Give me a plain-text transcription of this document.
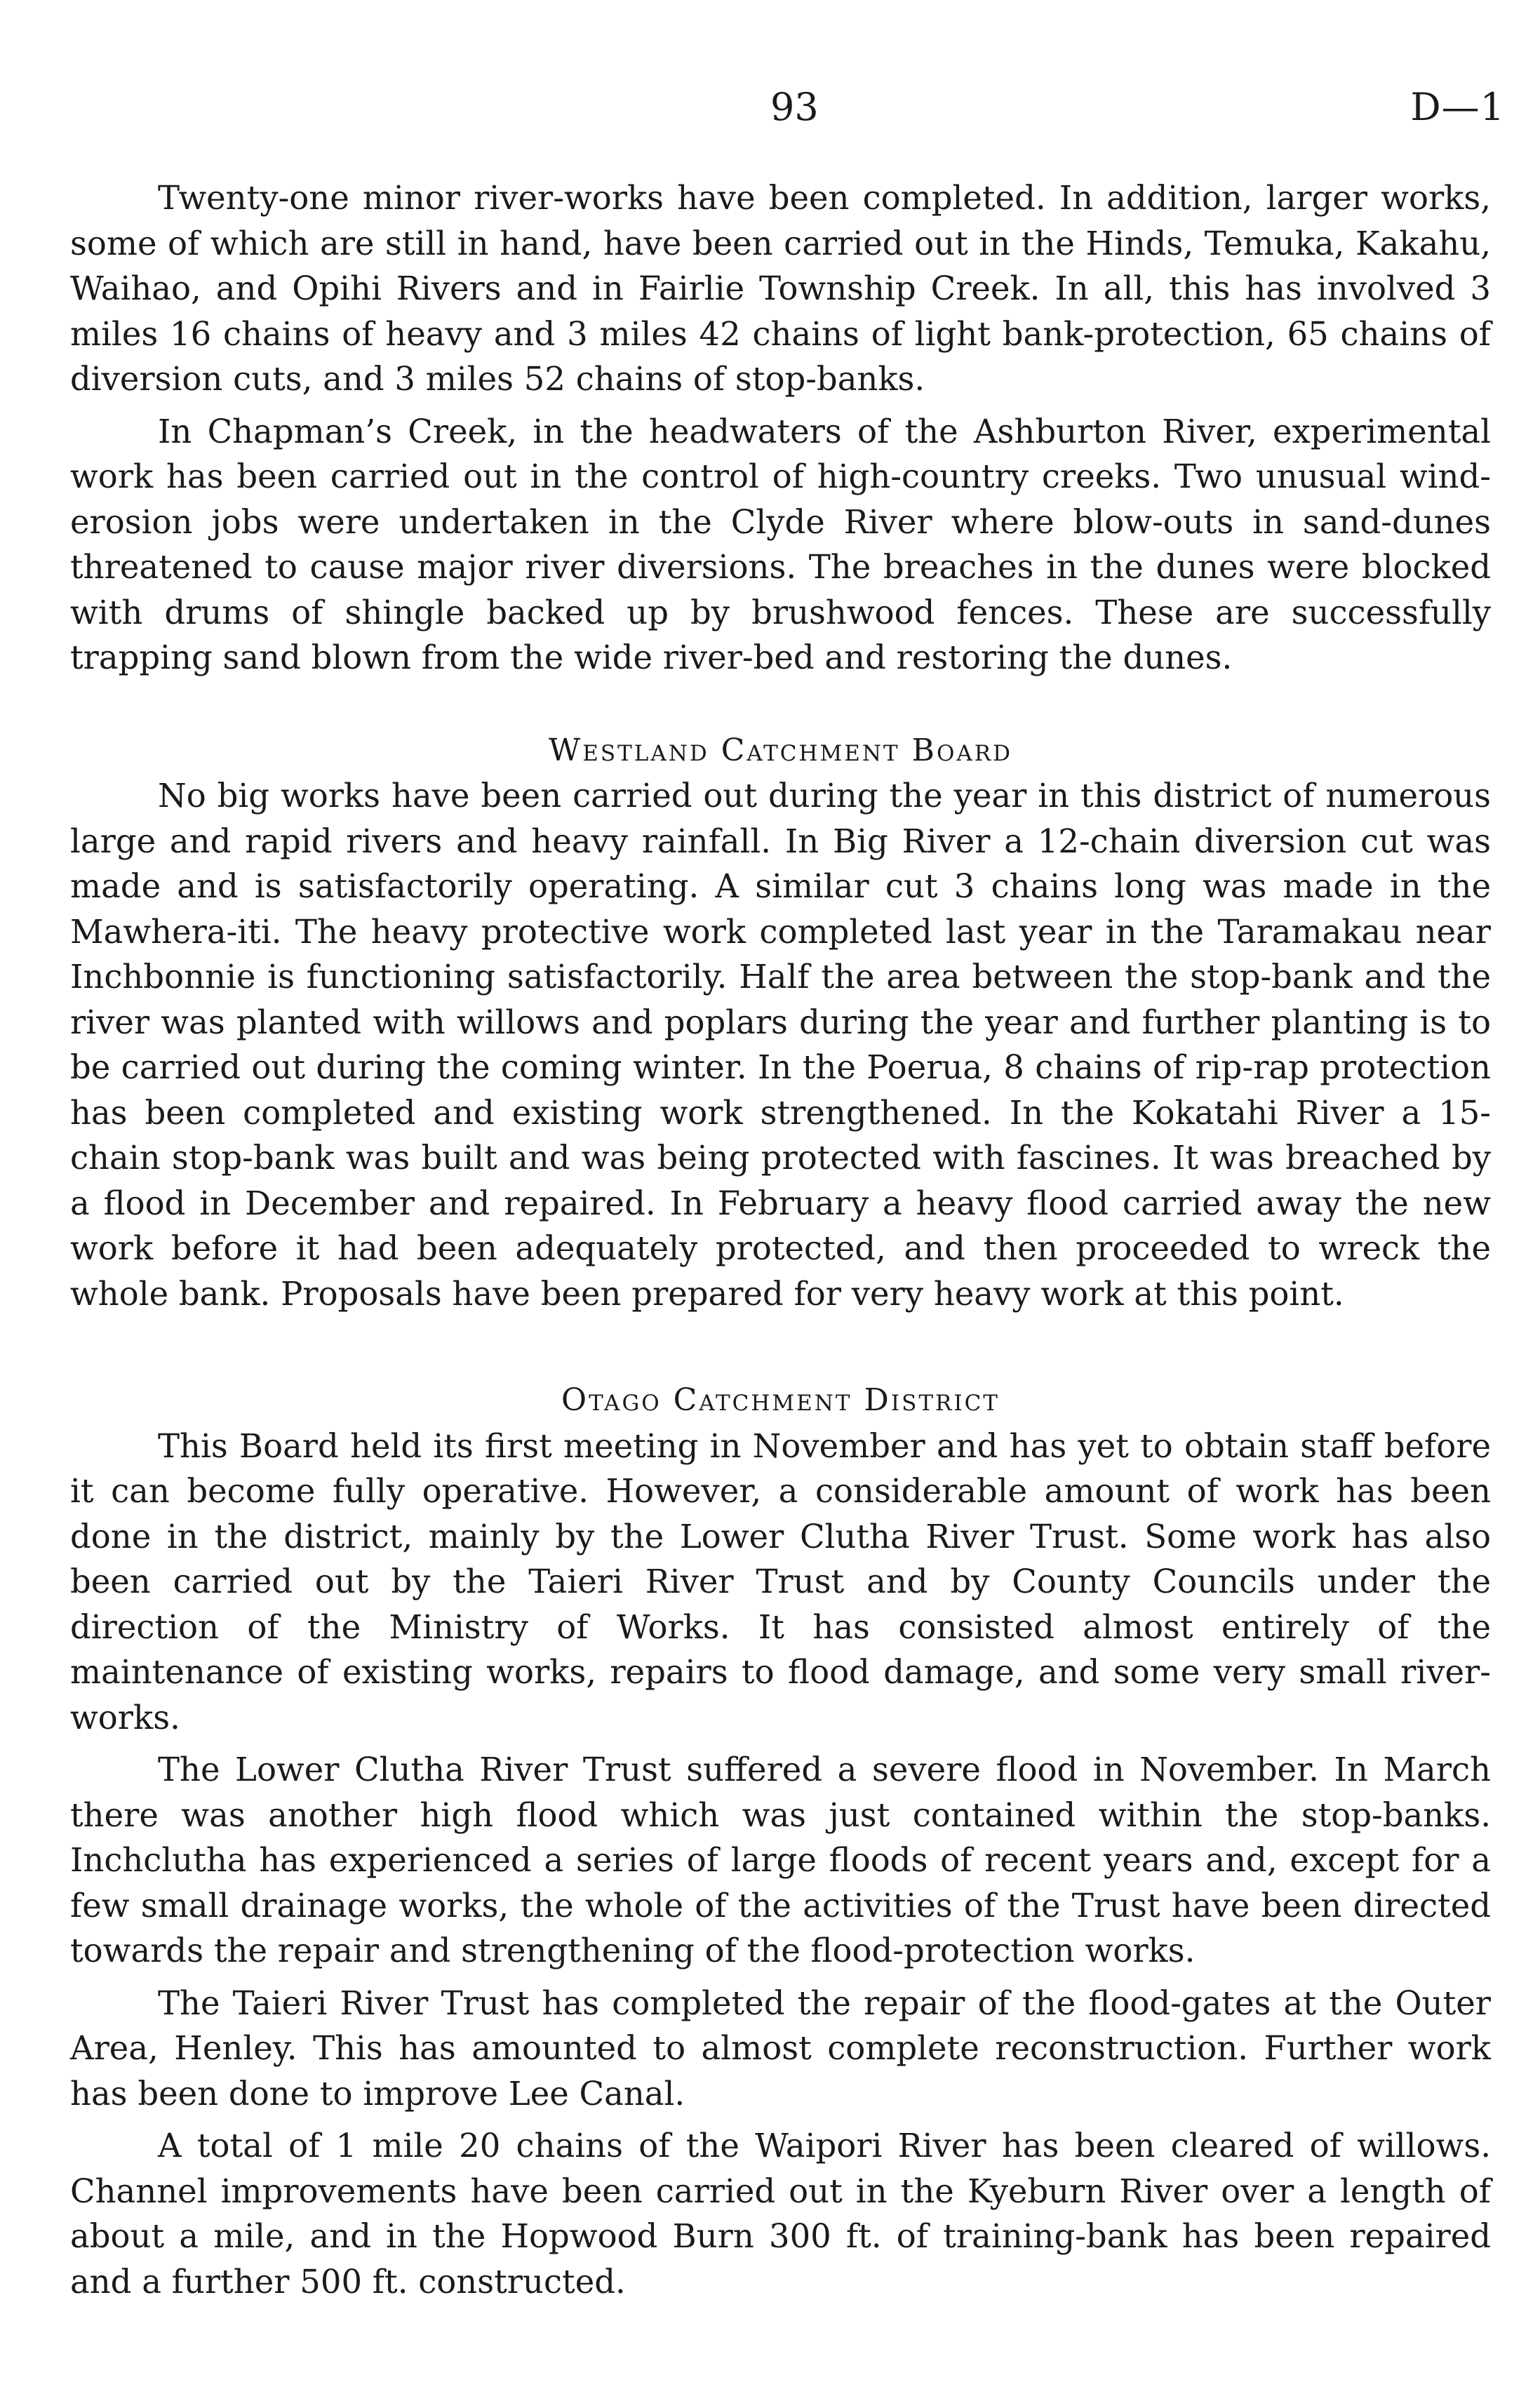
93	D—1

Twenty-one minor river-works have been completed. In addition, larger works, some of which are still in hand, have been carried out in the Hinds, Temuka, Kakahu, Waihao, and Opihi Rivers and in Fairlie Township Creek. In all, this has involved 3 miles 16 chains of heavy and 3 miles 42 chains of light bank-protection, 65 chains of diversion cuts, and 3 miles 52 chains of stop-banks.

In Chapman’s Creek, in the headwaters of the Ashburton River, experimental work has been carried out in the control of high-country creeks. Two unusual wind-erosion jobs were undertaken in the Clyde River where blow-outs in sand-dunes threatened to cause major river diversions. The breaches in the dunes were blocked with drums of shingle backed up by brushwood fences. These are successfully trapping sand blown from the wide river-bed and restoring the dunes.

Westland Catchment Board

No big works have been carried out during the year in this district of numerous large and rapid rivers and heavy rainfall. In Big River a 12-chain diversion cut was made and is satisfactorily operating. A similar cut 3 chains long was made in the Mawhera-iti. The heavy protective work completed last year in the Taramakau near Inchbonnie is functioning satisfactorily. Half the area between the stop-bank and the river was planted with willows and poplars during the year and further planting is to be carried out during the coming winter. In the Poerua, 8 chains of rip-rap protection has been completed and existing work strengthened. In the Kokatahi River a 15-chain stop-bank was built and was being protected with fascines. It was breached by a flood in December and repaired. In February a heavy flood carried away the new work before it had been adequately protected, and then proceeded to wreck the whole bank. Proposals have been prepared for very heavy work at this point.

Otago Catchment District

This Board held its first meeting in November and has yet to obtain staff before it can become fully operative. However, a considerable amount of work has been done in the district, mainly by the Lower Clutha River Trust. Some work has also been carried out by the Taieri River Trust and by County Councils under the direction of the Ministry of Works. It has consisted almost entirely of the maintenance of existing works, repairs to flood damage, and some very small river-works.

The Lower Clutha River Trust suffered a severe flood in November. In March there was another high flood which was just contained within the stop-banks. Inchclutha has experienced a series of large floods of recent years and, except for a few small drainage works, the whole of the activities of the Trust have been directed towards the repair and strengthening of the flood-protection works.

The Taieri River Trust has completed the repair of the flood-gates at the Outer Area, Henley. This has amounted to almost complete reconstruction. Further work has been done to improve Lee Canal.

A total of 1 mile 20 chains of the Waipori River has been cleared of willows. Channel improvements have been carried out in the Kyeburn River over a length of about a mile, and in the Hopwood Burn 300 ft. of training-bank has been repaired and a further 500 ft. constructed.
